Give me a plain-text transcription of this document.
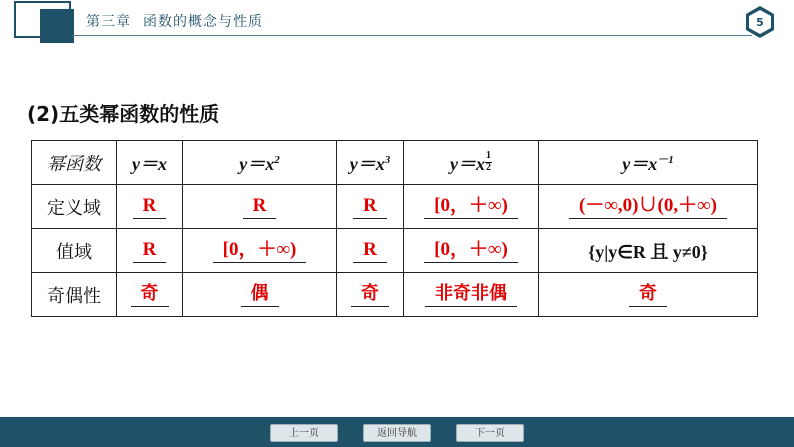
第三章 函数的概念与性质	5
(2)五类幂函数的性质
幂函数	y＝x	$y=x^2$	$y=x^3$	$y=x \frac{1}{2}$	$y=x^{-1}$
定义域	R	R	R	[0，＋∞)	(－∞,0)∪(0,＋∞)
值域	R	[0，＋∞)	R	[0，＋∞)	{y|y∈R 且 y≠0}
奇偶性	奇	偶	奇	非奇非偶	奇
上一页	返回导航	下一页
